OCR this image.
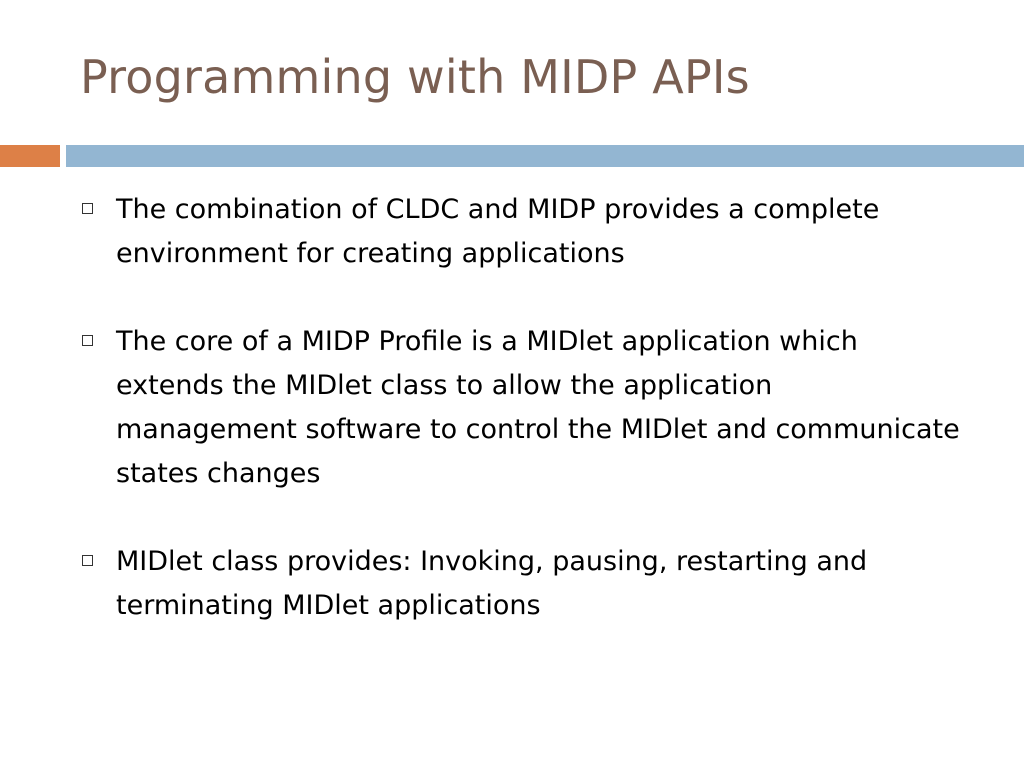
Programming with MIDP APIs
The combination of CLDC and MIDP provides a complete environment for creating applications
The core of a MIDP Profile is a MIDlet application which extends the MIDlet class to allow the application management software to control the MIDlet and communicate states changes
MIDlet class provides: Invoking, pausing, restarting and terminating MIDlet applications
